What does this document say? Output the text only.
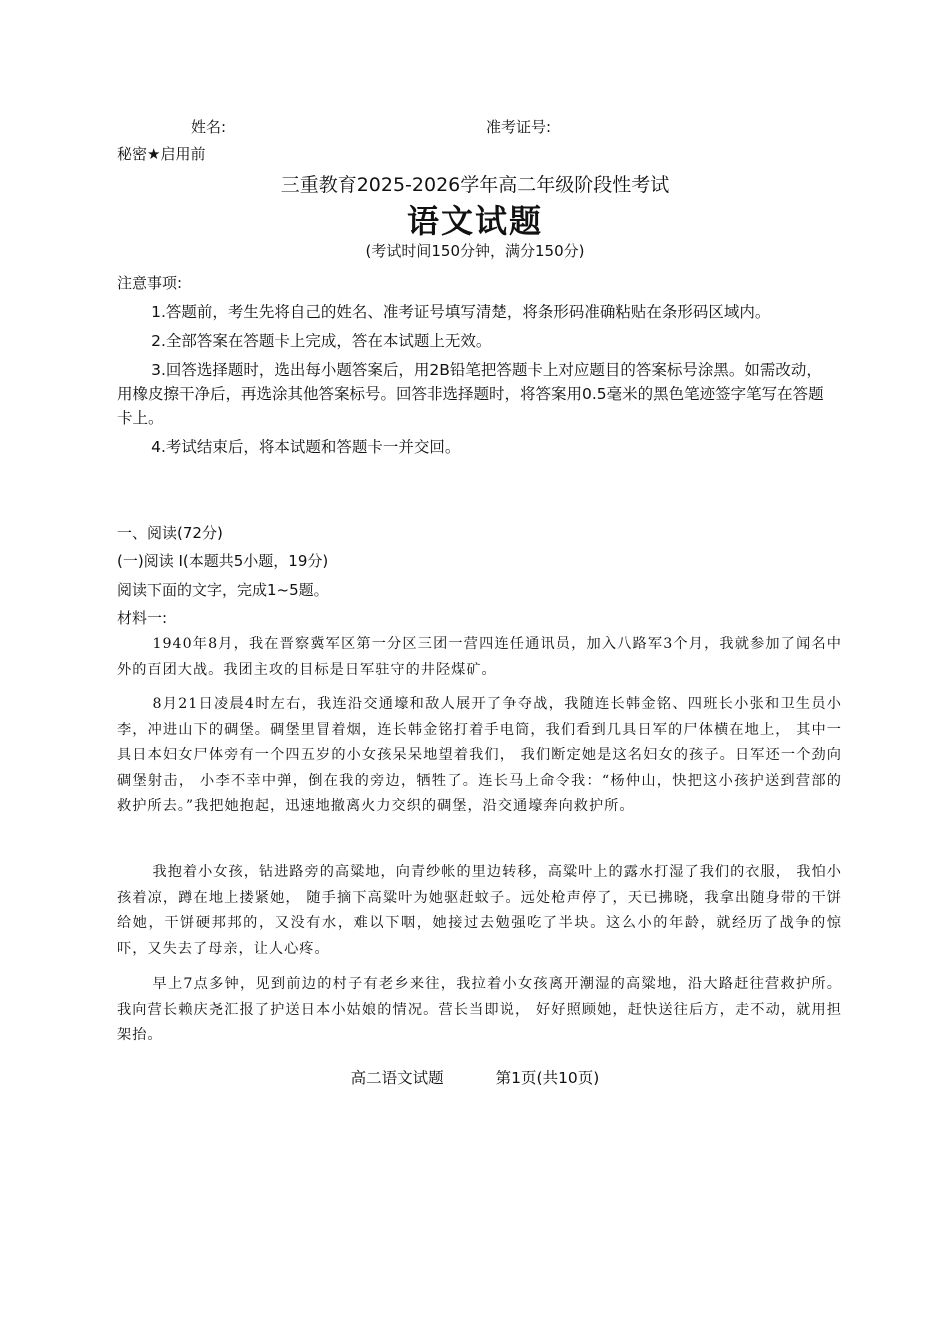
姓名:	准考证号:
秘密★启用前
三重教育2025-2026学年高二年级阶段性考试
语文试题
(考试时间150分钟，满分150分)
注意事项:

1.答题前，考生先将自己的姓名、准考证号填写清楚，将条形码准确粘贴在条形码区域内。

2.全部答案在答题卡上完成，答在本试题上无效。

3.回答选择题时，选出每小题答案后，用2B铅笔把答题卡上对应题目的答案标号涂黑。如需改动，用橡皮擦干净后，再选涂其他答案标号。回答非选择题时，将答案用0.5毫米的黑色笔迹签字笔写在答题卡上。

4.考试结束后，将本试题和答题卡一并交回。

一、阅读(72分)
(一)阅读 I(本题共5小题，19分)
阅读下面的文字，完成1~5题。
材料一:

1940年8月，我在晋察冀军区第一分区三团一营四连任通讯员，加入八路军3个月，我就参加了闻名中外的百团大战。我团主攻的目标是日军驻守的井陉煤矿。

8月21日凌晨4时左右，我连沿交通壕和敌人展开了争夺战，我随连长韩金铭、四班长小张和卫生员小李，冲进山下的碉堡。碉堡里冒着烟，连长韩金铭打着手电筒，我们看到几具日军的尸体横在地上， 其中一具日本妇女尸体旁有一个四五岁的小女孩呆呆地望着我们， 我们断定她是这名妇女的孩子。日军还一个劲向碉堡射击， 小李不幸中弹，倒在我的旁边，牺牲了。连长马上命令我：“杨仲山，快把这小孩护送到营部的救护所去。”我把她抱起，迅速地撤离火力交织的碉堡，沿交通壕奔向救护所。

我抱着小女孩，钻进路旁的高粱地，向青纱帐的里边转移，高粱叶上的露水打湿了我们的衣服， 我怕小孩着凉，蹲在地上搂紧她， 随手摘下高粱叶为她驱赶蚊子。远处枪声停了，天已拂晓，我拿出随身带的干饼给她，干饼硬邦邦的，又没有水，难以下咽，她接过去勉强吃了半块。这么小的年龄，就经历了战争的惊吓，又失去了母亲，让人心疼。

早上7点多钟，见到前边的村子有老乡来往，我拉着小女孩离开潮湿的高粱地，沿大路赶往营救护所。我向营长赖庆尧汇报了护送日本小姑娘的情况。营长当即说， 好好照顾她，赶快送往后方，走不动，就用担架抬。

高二语文试题	第1页(共10页)
